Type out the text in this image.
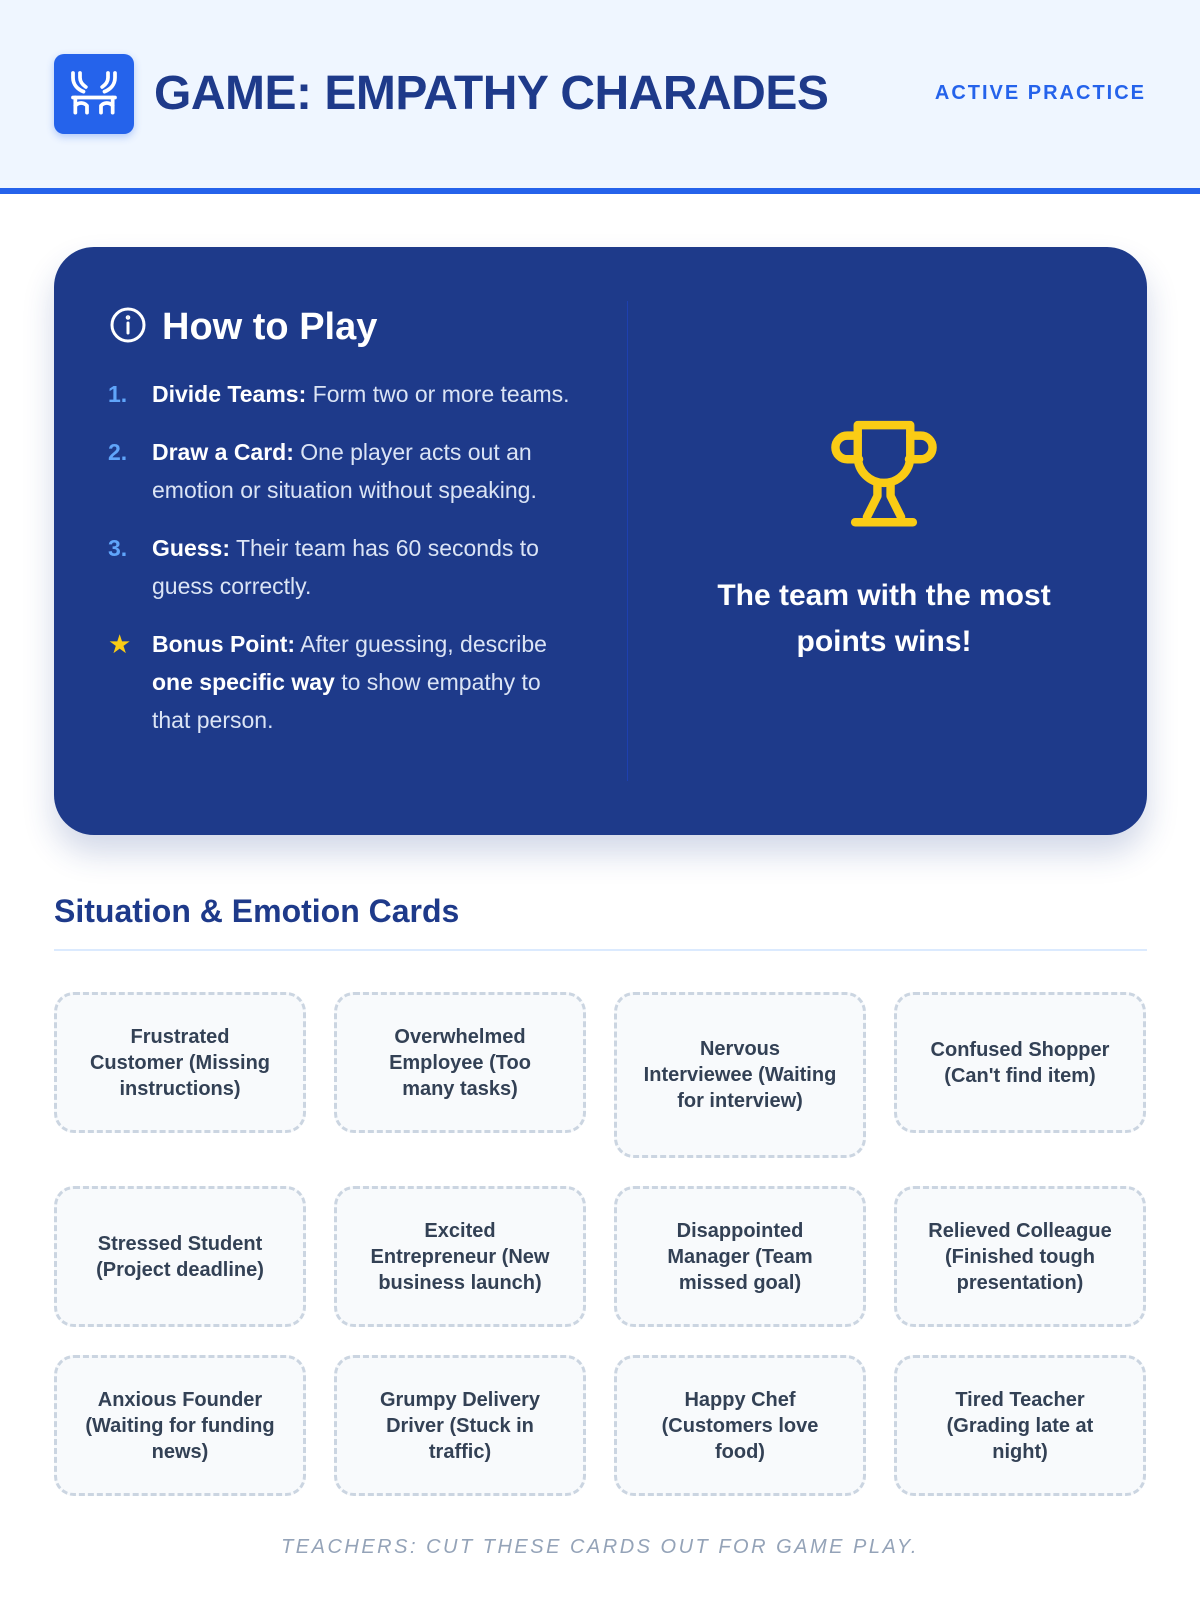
GAME: EMPATHY CHARADES	ACTIVE PRACTICE
How to Play
1.	Divide Teams: Form two or more teams.
2.	Draw a Card: One player acts out an emotion or situation without speaking.
3.	Guess: Their team has 60 seconds to guess correctly.
★ Bonus Point: After guessing, describe one specific way to show empathy to that person.
The team with the most points wins!
Situation & Emotion Cards
Frustrated Customer (Missing instructions)
Overwhelmed Employee (Too many tasks)
Nervous Interviewee (Waiting for interview)
Confused Shopper (Can't find item)
Stressed Student (Project deadline)
Excited Entrepreneur (New business launch)
Disappointed Manager (Team missed goal)
Relieved Colleague (Finished tough presentation)
Anxious Founder (Waiting for funding news)
Grumpy Delivery Driver (Stuck in traffic)
Happy Chef (Customers love food)
Tired Teacher (Grading late at night)
TEACHERS: CUT THESE CARDS OUT FOR GAME PLAY.
